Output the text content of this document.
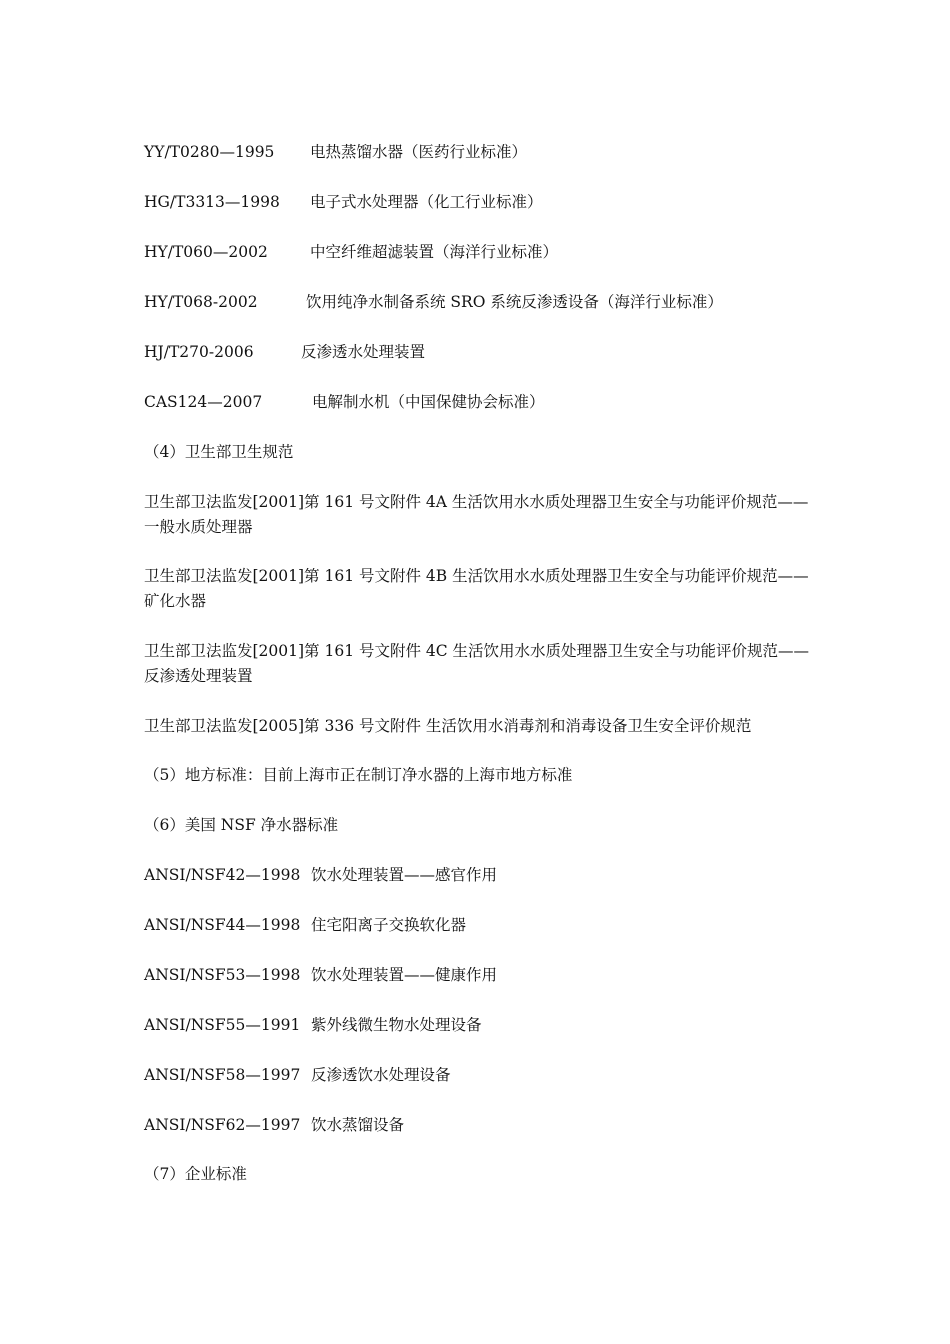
YY/T0280—1995 电热蒸馏水器（医药行业标准）

HG/T3313—1998 电子式水处理器（化工行业标准）

HY/T060—2002	中空纤维超滤装置（海洋行业标准）

HY/T068-2002	饮用纯净水制备系统 SRO 系统反渗透设备（海洋行业标准）

HJ/T270-2006	反渗透水处理装置

CAS124—2007	电解制水机（中国保健协会标准）

（4）卫生部卫生规范

卫生部卫法监发[2001]第 161 号文附件 4A 生活饮用水水质处理器卫生安全与功能评价规范——一般水质处理器

卫生部卫法监发[2001]第 161 号文附件 4B 生活饮用水水质处理器卫生安全与功能评价规范——矿化水器

卫生部卫法监发[2001]第 161 号文附件 4C 生活饮用水水质处理器卫生安全与功能评价规范——反渗透处理装置

卫生部卫法监发[2005]第 336 号文附件 生活饮用水消毒剂和消毒设备卫生安全评价规范

（5）地方标准：目前上海市正在制订净水器的上海市地方标准

（6）美国 NSF 净水器标准

ANSI/NSF42—1998 饮水处理装置——感官作用

ANSI/NSF44—1998 住宅阳离子交换软化器

ANSI/NSF53—1998 饮水处理装置——健康作用

ANSI/NSF55—1991 紫外线微生物水处理设备

ANSI/NSF58—1997 反渗透饮水处理设备

ANSI/NSF62—1997 饮水蒸馏设备

（7）企业标准
